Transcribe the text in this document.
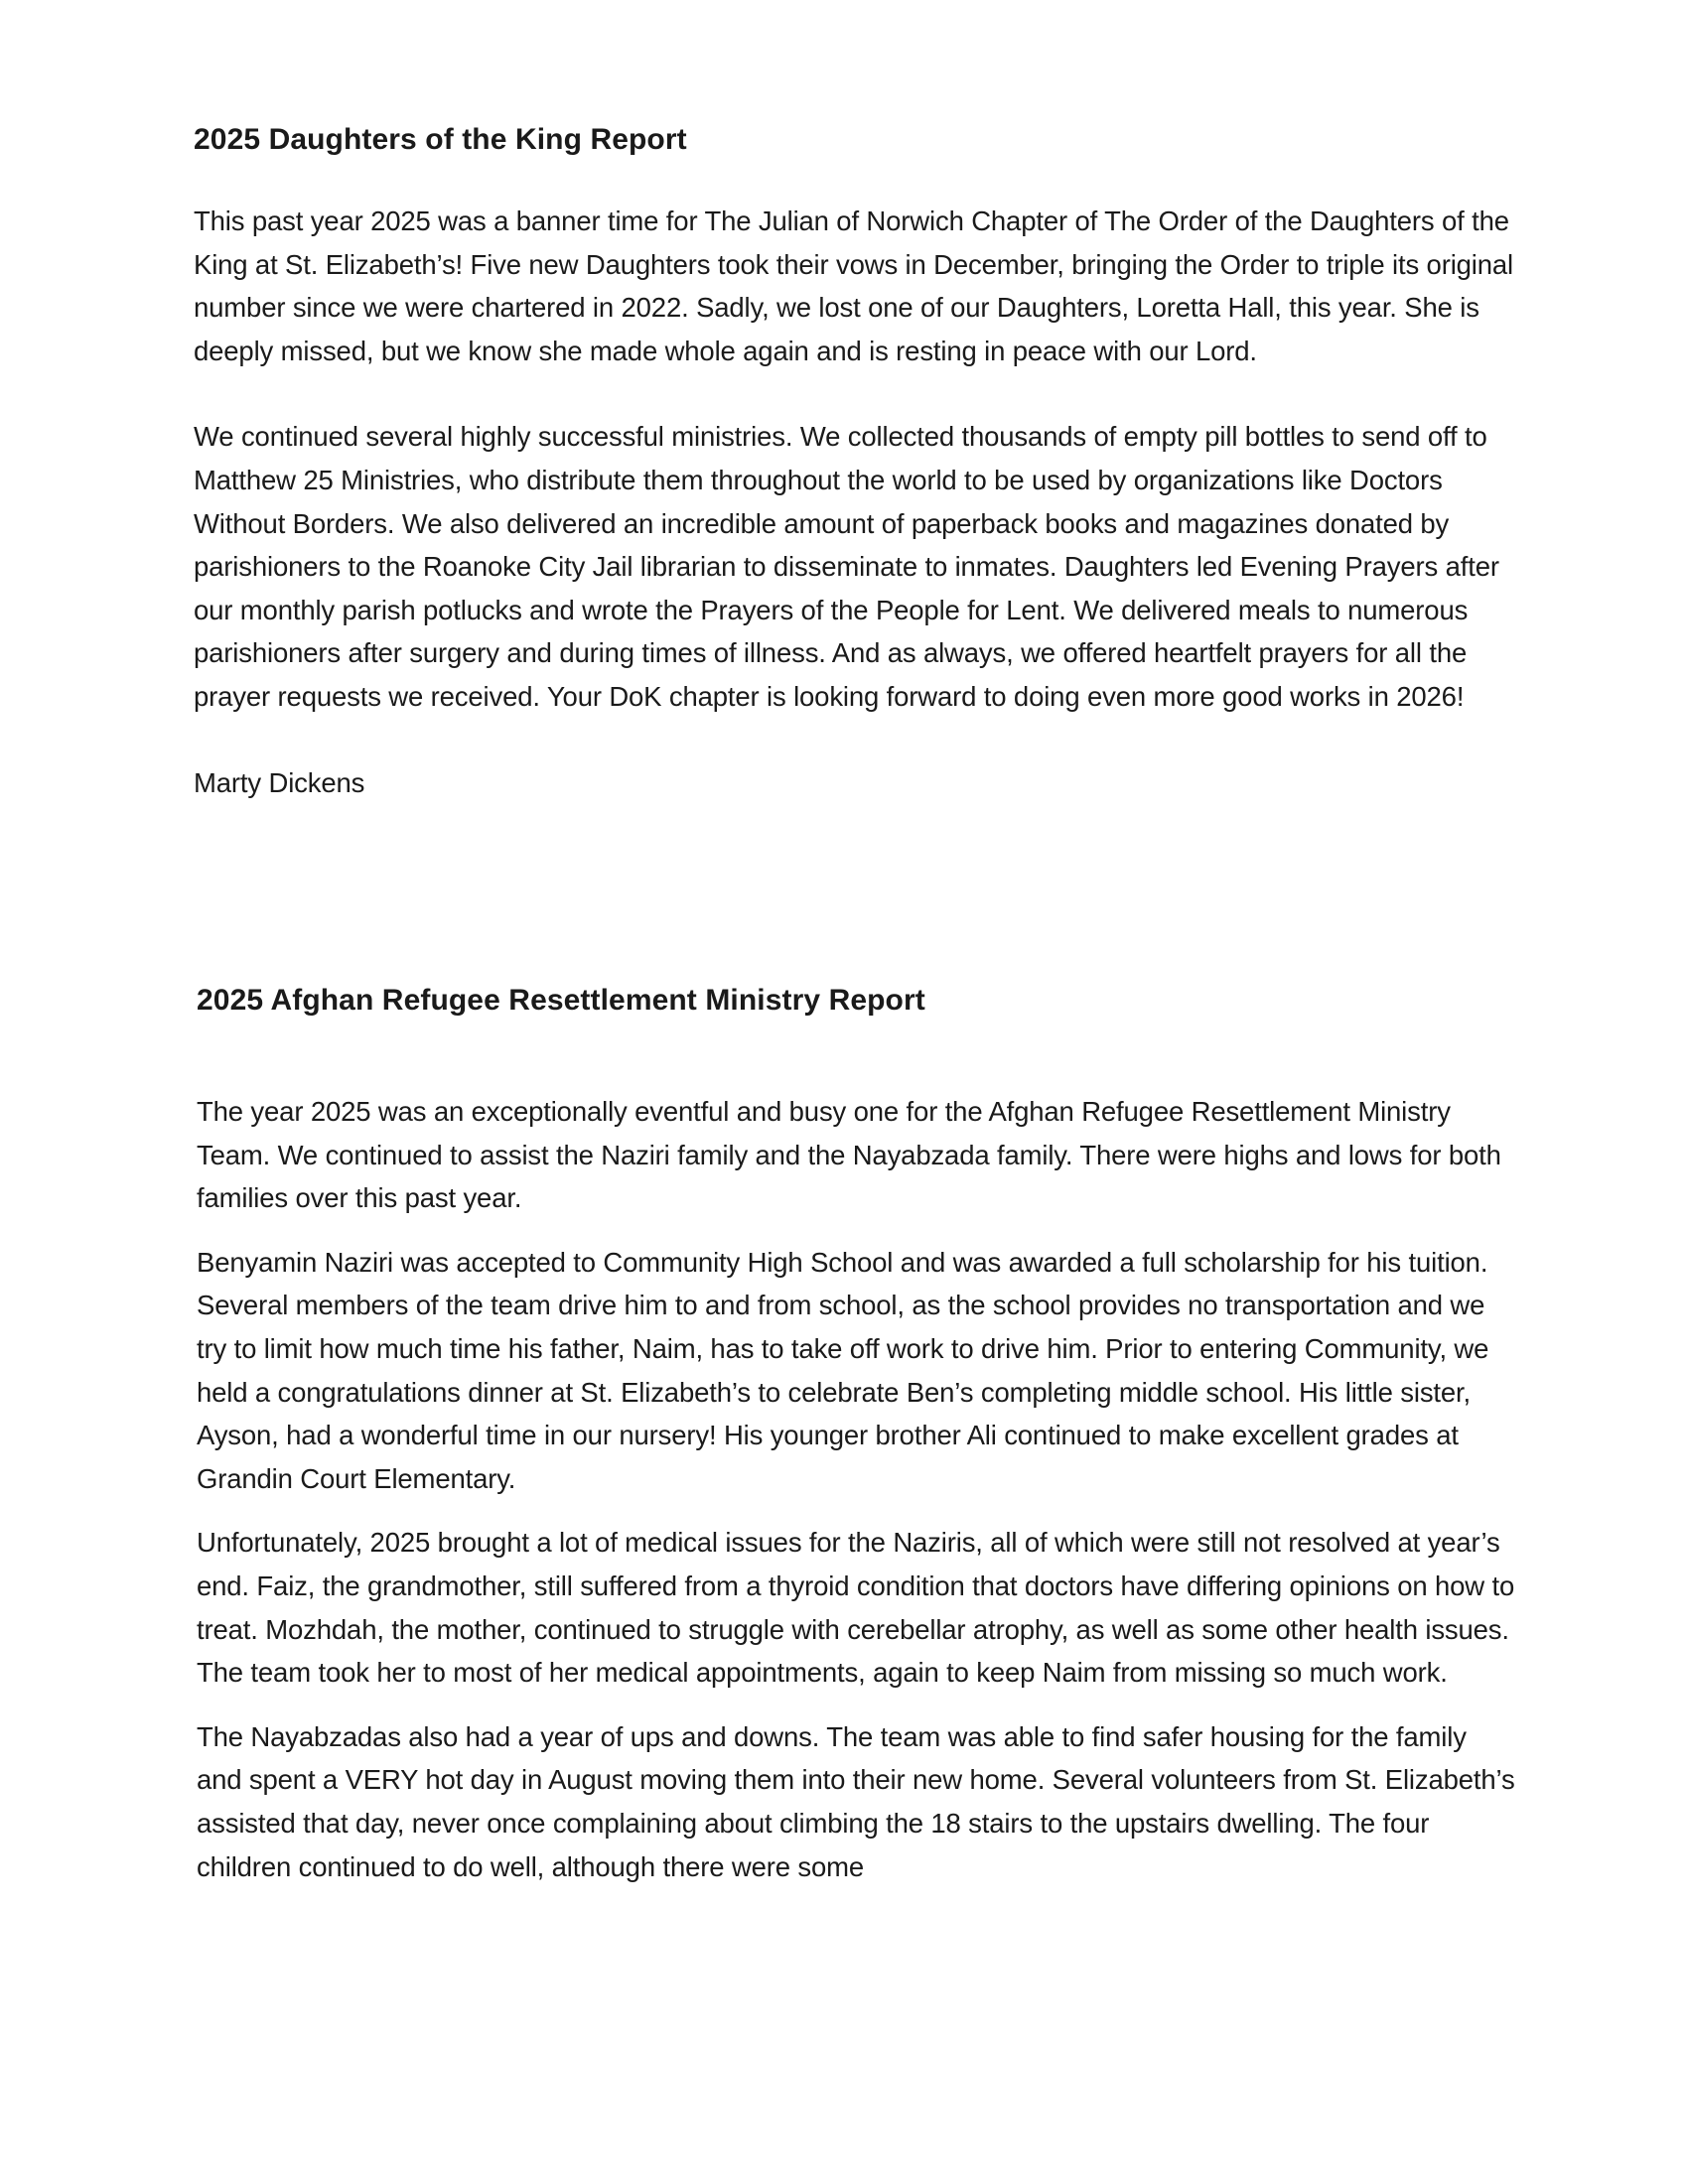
2025 Daughters of the King Report

This past year 2025 was a banner time for The Julian of Norwich Chapter of The Order of the Daughters of the King at St. Elizabeth’s! Five new Daughters took their vows in December, bringing the Order to triple its original number since we were chartered in 2022. Sadly, we lost one of our Daughters, Loretta Hall, this year. She is deeply missed, but we know she made whole again and is resting in peace with our Lord.

We continued several highly successful ministries. We collected thousands of empty pill bottles to send off to Matthew 25 Ministries, who distribute them throughout the world to be used by organizations like Doctors Without Borders. We also delivered an incredible amount of paperback books and magazines donated by parishioners to the Roanoke City Jail librarian to disseminate to inmates. Daughters led Evening Prayers after our monthly parish potlucks and wrote the Prayers of the People for Lent. We delivered meals to numerous parishioners after surgery and during times of illness. And as always, we offered heartfelt prayers for all the prayer requests we received. Your DoK chapter is looking forward to doing even more good works in 2026!

Marty Dickens

2025 Afghan Refugee Resettlement Ministry Report

The year 2025 was an exceptionally eventful and busy one for the Afghan Refugee Resettlement Ministry Team. We continued to assist the Naziri family and the Nayabzada family. There were highs and lows for both families over this past year.

Benyamin Naziri was accepted to Community High School and was awarded a full scholarship for his tuition. Several members of the team drive him to and from school, as the school provides no transportation and we try to limit how much time his father, Naim, has to take off work to drive him. Prior to entering Community, we held a congratulations dinner at St. Elizabeth’s to celebrate Ben’s completing middle school. His little sister, Ayson, had a wonderful time in our nursery! His younger brother Ali continued to make excellent grades at Grandin Court Elementary.

Unfortunately, 2025 brought a lot of medical issues for the Naziris, all of which were still not resolved at year’s end. Faiz, the grandmother, still suffered from a thyroid condition that doctors have differing opinions on how to treat. Mozhdah, the mother, continued to struggle with cerebellar atrophy, as well as some other health issues. The team took her to most of her medical appointments, again to keep Naim from missing so much work.

The Nayabzadas also had a year of ups and downs. The team was able to find safer housing for the family and spent a VERY hot day in August moving them into their new home. Several volunteers from St. Elizabeth’s assisted that day, never once complaining about climbing the 18 stairs to the upstairs dwelling. The four children continued to do well, although there were some
